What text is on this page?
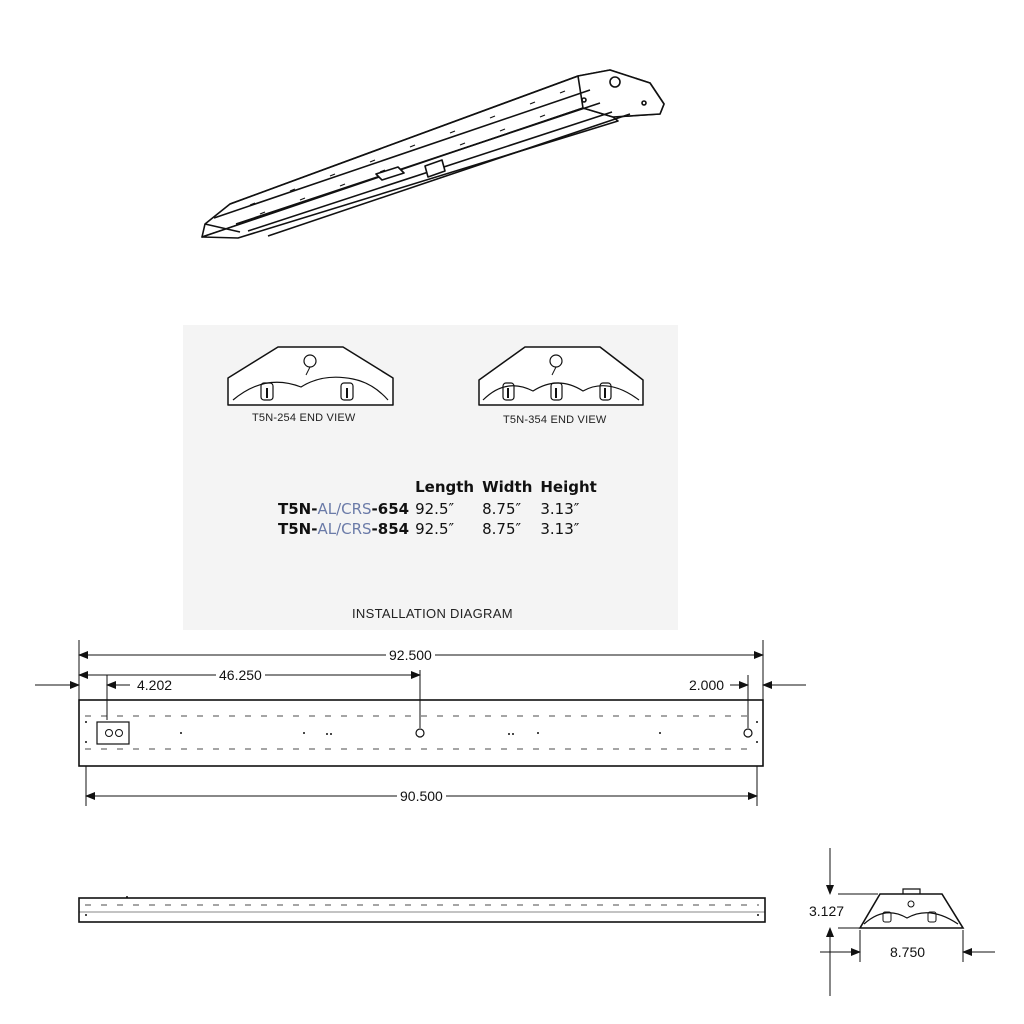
T5N-254 END VIEW	T5N-354 END VIEW
	Length	Width	Height
T5N-AL/CRS-654	92.5″	8.75″	3.13″
T5N-AL/CRS-854	92.5″	8.75″	3.13″
INSTALLATION DIAGRAM
92.500
46.250
4.202	2.000
90.500
3.127
8.750
